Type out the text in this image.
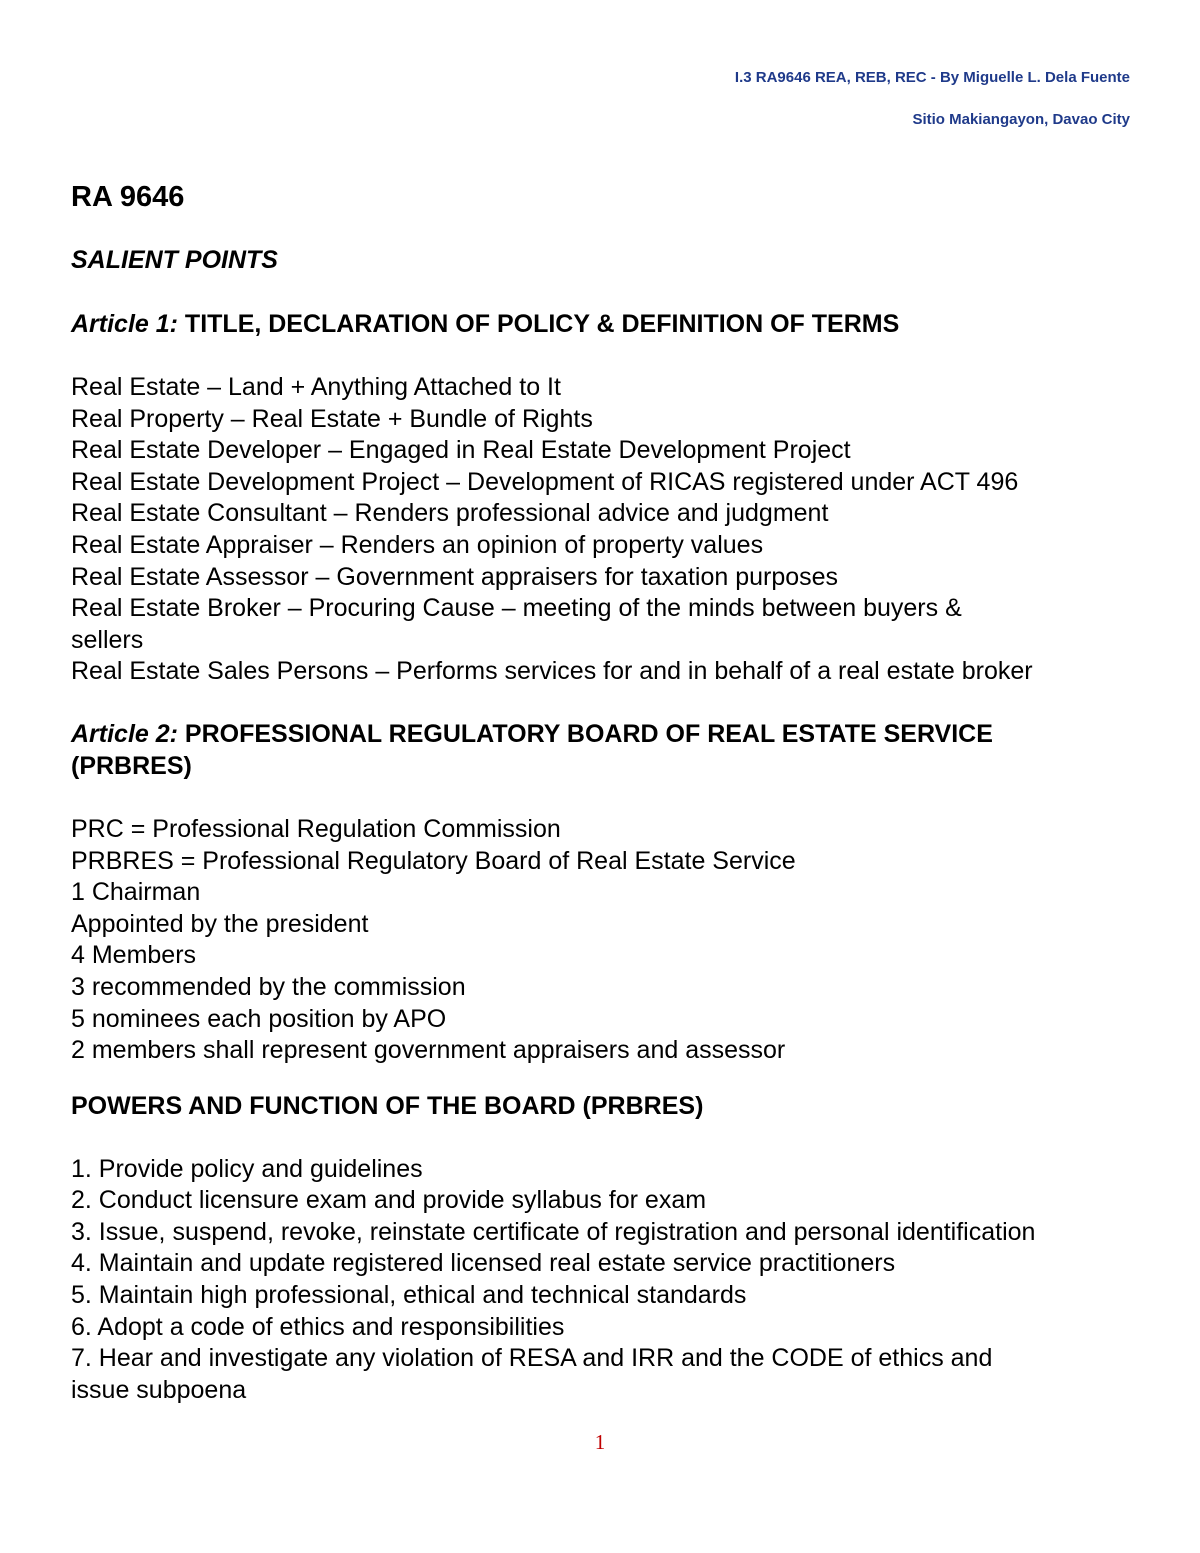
I.3 RA9646 REA, REB, REC - By Miguelle L. Dela Fuente

Sitio Makiangayon, Davao City

RA 9646

SALIENT POINTS

Article 1: TITLE, DECLARATION OF POLICY & DEFINITION OF TERMS

Real Estate – Land + Anything Attached to It

Real Property – Real Estate + Bundle of Rights

Real Estate Developer – Engaged in Real Estate Development Project

Real Estate Development Project – Development of RICAS registered under ACT 496

Real Estate Consultant – Renders professional advice and judgment

Real Estate Appraiser – Renders an opinion of property values

Real Estate Assessor – Government appraisers for taxation purposes

Real Estate Broker – Procuring Cause – meeting of the minds between buyers &

sellers

Real Estate Sales Persons – Performs services for and in behalf of a real estate broker

Article 2: PROFESSIONAL REGULATORY BOARD OF REAL ESTATE SERVICE

(PRBRES)

PRC = Professional Regulation Commission

PRBRES = Professional Regulatory Board of Real Estate Service

1 Chairman

Appointed by the president

4 Members

3 recommended by the commission

5 nominees each position by APO

2 members shall represent government appraisers and assessor

POWERS AND FUNCTION OF THE BOARD (PRBRES)

1. Provide policy and guidelines

2. Conduct licensure exam and provide syllabus for exam

3. Issue, suspend, revoke, reinstate certificate of registration and personal identification

4. Maintain and update registered licensed real estate service practitioners

5. Maintain high professional, ethical and technical standards

6. Adopt a code of ethics and responsibilities

7. Hear and investigate any violation of RESA and IRR and the CODE of ethics and

issue subpoena

1
